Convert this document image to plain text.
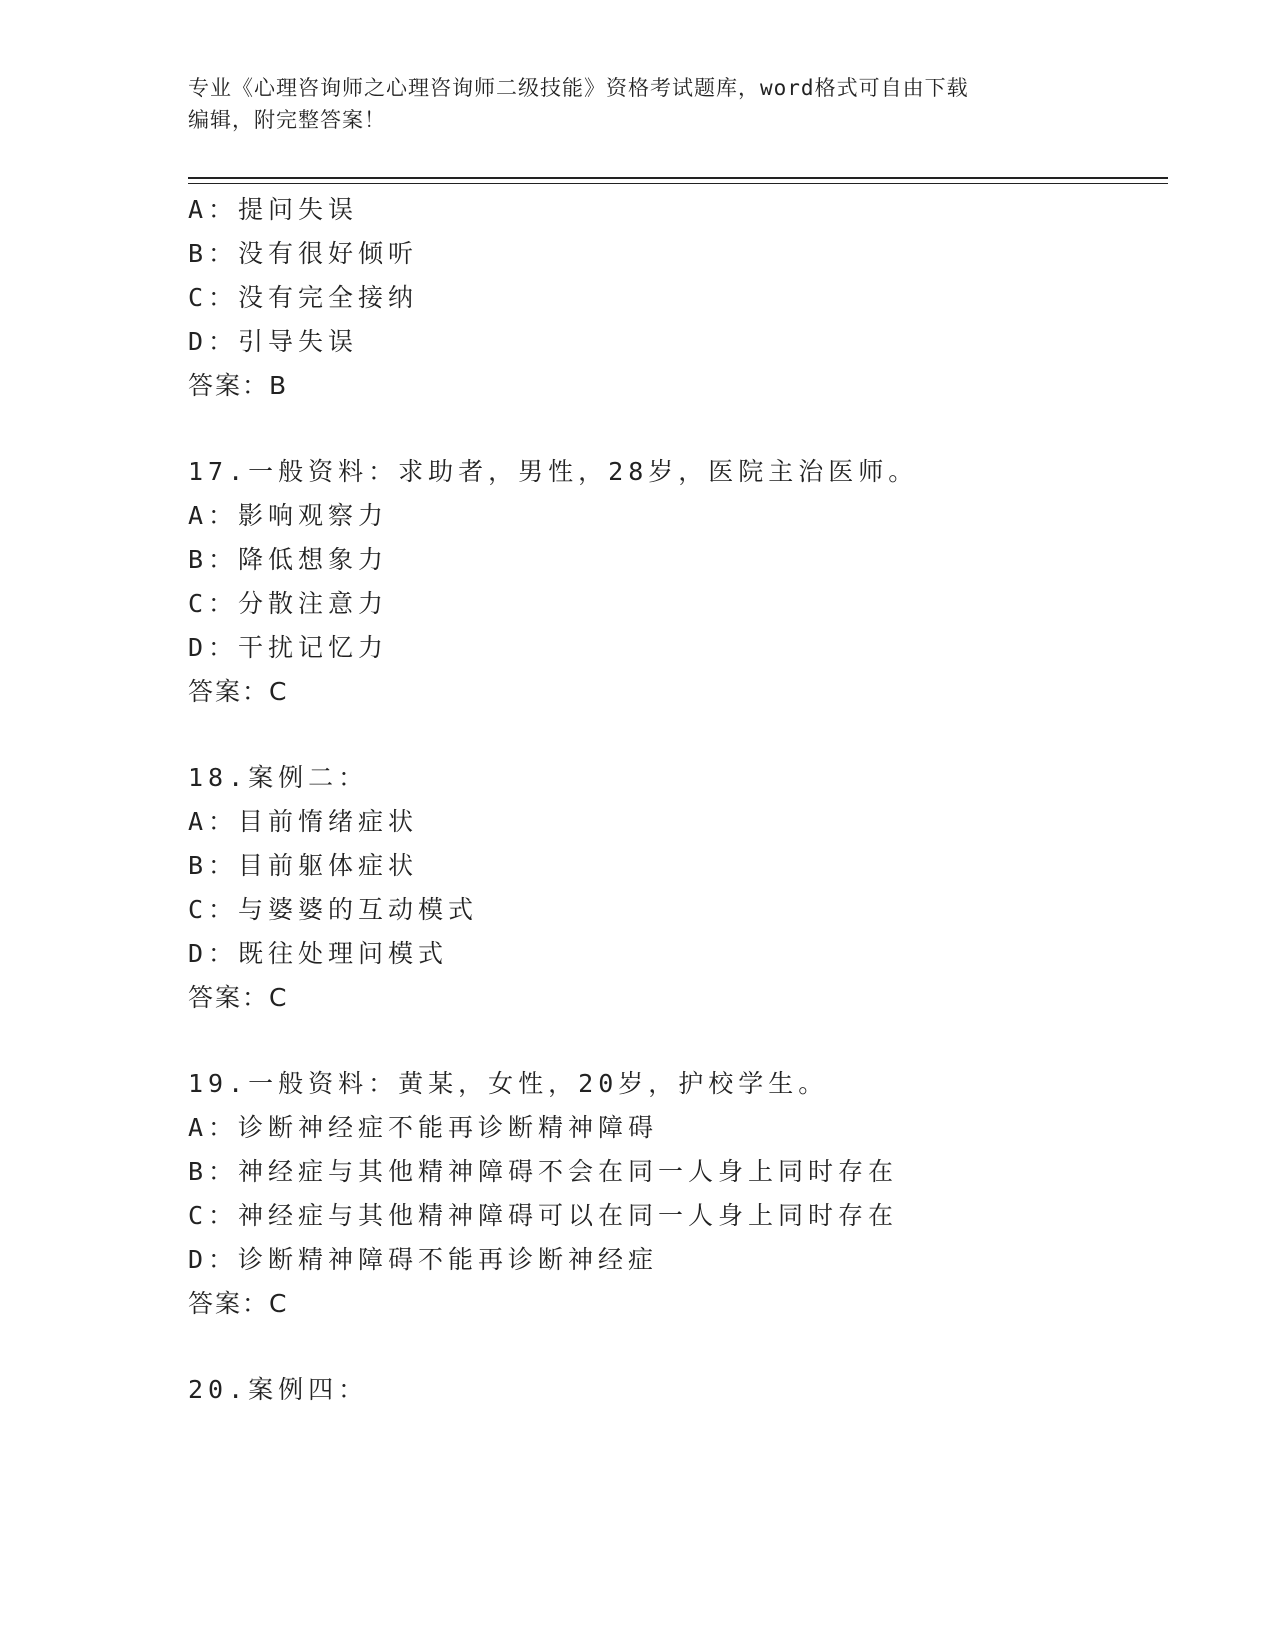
专业《心理咨询师之心理咨询师二级技能》资格考试题库，word格式可自由下载
编辑，附完整答案！
A：提问失误
B：没有很好倾听
C：没有完全接纳
D：引导失误
答案：B
17.一般资料：求助者，男性，28岁，医院主治医师。
A：影响观察力
B：降低想象力
C：分散注意力
D：干扰记忆力
答案：C
18.案例二：
A：目前惰绪症状
B：目前躯体症状
C：与婆婆的互动模式
D：既往处理问模式
答案：C
19.一般资料：黄某，女性，20岁，护校学生。
A：诊断神经症不能再诊断精神障碍
B：神经症与其他精神障碍不会在同一人身上同时存在
C：神经症与其他精神障碍可以在同一人身上同时存在
D：诊断精神障碍不能再诊断神经症
答案：C
20.案例四：
